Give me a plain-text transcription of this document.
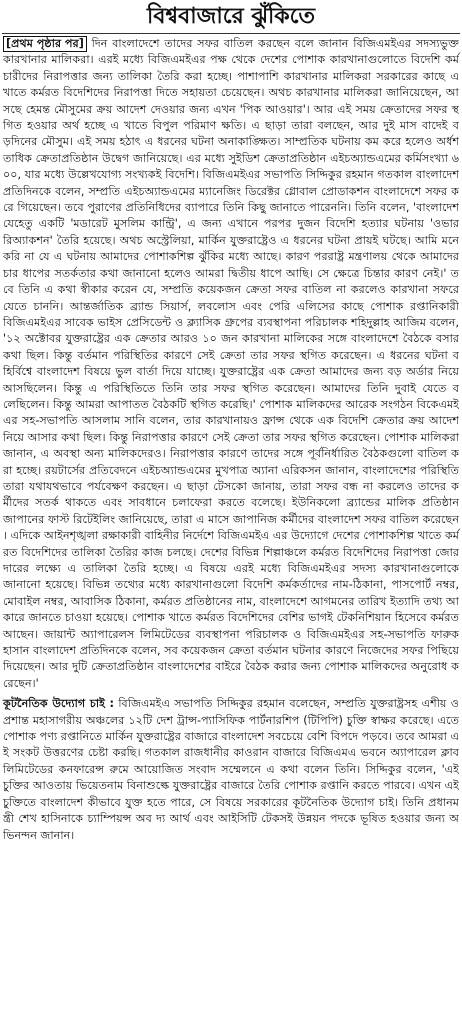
বিশ্ববাজারে ঝুঁকিতে

[প্রথম পৃষ্ঠার পর] দিন বাংলাদেশে তাদের সফর বাতিল করছেন বলে জানান বিজিএমইএর সদস্যভুক্ত কারখানার মালিকরা। এরই মধ্যে বিজিএমইএর পক্ষ থেকে দেশের পোশাক কারখানাগুলোতে বিদেশি কর্মচারীদের নিরাপত্তার জন্য তালিকা তৈরি করা হচ্ছে। পাশাপাশি কারখানার মালিকরা সরকারের কাছে এ খাতে কর্মরত বিদেশিদের নিরাপত্তা দিতে সহায়তা চেয়েছেন। অথচ কারখানার মালিকরা জানিয়েছেন, আসছে হেমন্ত মৌসুমের ক্রয় আদেশ দেওয়ার জন্য এখন 'পিক আওয়ার'। আর এই সময় ক্রেতাদের সফর স্থগিত হওয়ার অর্থ হচ্ছে এ খাতে বিপুল পরিমাণ ক্ষতি। এ ছাড়া তারা বলছেন, আর দুই মাস বাদেই বড়দিনের মৌসুম। এই সময় হঠাৎ এ ধরনের ঘটনা অনাকাঙ্ক্ষিত। সাম্প্রতিক ঘটনায় কম করে হলেও অর্ধশতাধিক ক্রেতাপ্রতিষ্ঠান উদ্বেগ জানিয়েছে। এর মধ্যে সুইডিশ ক্রেতাপ্রতিষ্ঠান এইচঅ্যান্ডএমের কর্মিসংখ্যা ৬০০, যার মধ্যে উল্লেখযোগ্য সংখ্যকই বিদেশি। বিজিএমইএর সভাপতি সিদ্দিকুর রহমান গতকাল বাংলাদেশ প্রতিদিনকে বলেন, সম্প্রতি এইচঅ্যান্ডএমের ম্যানেজিং ডিরেক্টর গ্লোবাল প্রোডাকশন বাংলাদেশে সফর করে গিয়েছেন। তবে পুরাণের প্রতিনিধিদের ব্যাপারে তিনি কিছু জানাতে পারেননি। তিনি বলেন, 'বাংলাদেশ যেহেতু একটি 'মডারেট মুসলিম কান্ট্রি', এ জন্য এখানে পরপর দুজন বিদেশি হত্যার ঘটনায় 'ওভার রিঅ্যাকশন' তৈরি হয়েছে। অথচ অস্ট্রেলিয়া, মার্কিন যুক্তরাষ্ট্রেও এ ধরনের ঘটনা প্রায়ই ঘটছে। আমি মনে করি না যে এ ঘটনায় আমাদের পোশাকশিল্প ঝুঁকির মধ্যে আছে। কারণ পররাষ্ট্র মন্ত্রণালয় থেকে আমাদের চার ধাপের সতর্কতার কথা জানানো হলেও আমরা দ্বিতীয় ধাপে আছি। সে ক্ষেত্রে চিন্তার কারণ নেই।' তবে তিনি এ কথা স্বীকার করেন যে, সম্প্রতি কয়েকজন ক্রেতা সফর বাতিল না করলেও কারখানা সফরে যেতে চাননি। আন্তর্জাতিক ব্র্যান্ড সিয়ার্স, লবলোস এবং পেরি এলিসের কাছে পোশাক রপ্তানিকারী বিজিএমইএর সাবেক ভাইস প্রেসিডেন্ট ও ক্ল্যাসিক গ্রুপের ব্যবস্থাপনা পরিচালক শহিদুল্লাহ আজিম বলেন, '১২ অক্টোবর যুক্তরাষ্ট্রের এক ক্রেতার আরও ১০ জন কারখানা মালিকের সঙ্গে বাংলাদেশে বৈঠকে বসার কথা ছিল। কিন্তু বর্তমান পরিস্থিতির কারণে সেই ক্রেতা তার সফর স্থগিত করেছেন। এ ধরনের ঘটনা বহির্বিশ্বে বাংলাদেশ বিষয়ে ভুল বার্তা দিয়ে যাচ্ছে। যুক্তরাষ্ট্রের এক ক্রেতা আমাদের জন্য বড় অর্ডার নিয়ে আসছিলেন। কিন্তু এ পরিস্থিতিতে তিনি তার সফর স্থগিত করেছেন। আমাদের তিনি দুবাই যেতে বলেছিলেন। কিন্তু আমরা আপাতত বৈঠকটি স্থগিত করেছি।' পোশাক মালিকদের আরেক সংগঠন বিকেএমইএর সহ-সভাপতি আসলাম সানি বলেন, তার কারখানায়ও ফ্রান্স থেকে এক বিদেশি ক্রেতার ক্রয় আদেশ নিয়ে আসার কথা ছিল। কিন্তু নিরাপত্তার কারণে সেই ক্রেতা তার সফর স্থগিত করেছেন। পোশাক মালিকরা জানান, এ অবস্থা অন্য মালিকদেরও। নিরাপত্তার কারণে তাদের সঙ্গে পূর্বনির্ধারিত বৈঠকগুলো বাতিল করা হচ্ছে। রয়টার্সের প্রতিবেদনে এইচঅ্যান্ডএমের মুখপাত্র অ্যানা এরিকসন জানান, বাংলাদেশের পরিস্থিতি তারা যথাযথভাবে পর্যবেক্ষণ করছেন। এ ছাড়া টেসকো জানায়, তারা সফর বন্ধ না করলেও তাদের কর্মীদের সতর্ক থাকতে এবং সাবধানে চলাফেরা করতে বলেছে। ইউনিকলো ব্র্যান্ডের মালিক প্রতিষ্ঠান জাপানের ফাস্ট রিটেইলিং জানিয়েছে, তারা এ মাসে জাপানিজ কর্মীদের বাংলাদেশ সফর বাতিল করেছেন। এদিকে আইনশৃঙ্খলা রক্ষাকারী বাহিনীর নির্দেশে বিজিএমইএ এর উদ্যোগে দেশের পোশাকশিল্প খাতে কর্মরত বিদেশিদের তালিকা তৈরির কাজ চলছে। দেশের বিভিন্ন শিল্পাঞ্চলে কর্মরত বিদেশিদের নিরাপত্তা জোরদারের লক্ষ্যে এ তালিকা তৈরি হচ্ছে। এ বিষয়ে এরই মধ্যে বিজিএমইএর সদস্য কারখানাগুলোকে জানানো হয়েছে। বিভিন্ন তথ্যের মধ্যে কারখানাগুলো বিদেশি কর্মকর্তাদের নাম-ঠিকানা, পাসপোর্ট নম্বর, মোবাইল নম্বর, আবাসিক ঠিকানা, কর্মরত প্রতিষ্ঠানের নাম, বাংলাদেশে আগমনের তারিখ ইত্যাদি তথ্য আকারে জানতে চাওয়া হয়েছে। পোশাক খাতে কর্মরত বিদেশিদের বেশির ভাগই টেকনিশিয়ান হিসেবে কর্মরত আছেন। জায়ান্ট অ্যাপারেলস লিমিটেডের ব্যবস্থাপনা পরিচালক ও বিজিএমইএর সহ-সভাপতি ফারুক হাসান বাংলাদেশ প্রতিদিনকে বলেন, সব কয়েকজন ক্রেতা বর্তমান ঘটনার কারণে নিজেদের সফর পিছিয়ে দিয়েছেন। আর দুটি ক্রেতাপ্রতিষ্ঠান বাংলাদেশের বাইরে বৈঠক করার জন্য পোশাক মালিকদের অনুরোধ করেছেন।'

কূটনৈতিক উদ্যোগ চাই : বিজিএমইএ সভাপতি সিদ্দিকুর রহমান বলেছেন, সম্প্রতি যুক্তরাষ্ট্রসহ এশীয় ও প্রশান্ত মহাসাগরীয় অঞ্চলের ১২টি দেশ ট্রান্স-প্যাসিফিক পার্টনারশিপ (টিপিপি) চুক্তি স্বাক্ষর করেছে। এতে পোশাক পণ্য রপ্তানিতে মার্কিন যুক্তরাষ্ট্রের বাজারে বাংলাদেশ সবচেয়ে বেশি বিপদে পড়বে। তবে আমরা এই সংকট উত্তরণের চেষ্টা করছি। গতকাল রাজধানীর কাওরান বাজারে বিজিএমএ ভবনে অ্যাপারেল ক্লাব লিমিটেডের কনফারেন্স রুমে আয়োজিত সংবাদ সম্মেলনে এ কথা বলেন তিনি। সিদ্দিকুর বলেন, 'এই চুক্তির আওতায় ভিয়েতনাম বিনাশুল্কে যুক্তরাষ্ট্রের বাজারে তৈরি পোশাক রপ্তানি করতে পারবে। এখন এই চুক্তিতে বাংলাদেশ কীভাবে যুক্ত হতে পারে, সে বিষয়ে সরকারের কূটনৈতিক উদ্যোগ চাই। তিনি প্রধানমন্ত্রী শেখ হাসিনাকে চ্যাম্পিয়ন্স অব দ্য আর্থ এবং আইসিটি টেকসই উন্নয়ন পদকে ভূষিত হওয়ার জন্য অভিনন্দন জানান।
